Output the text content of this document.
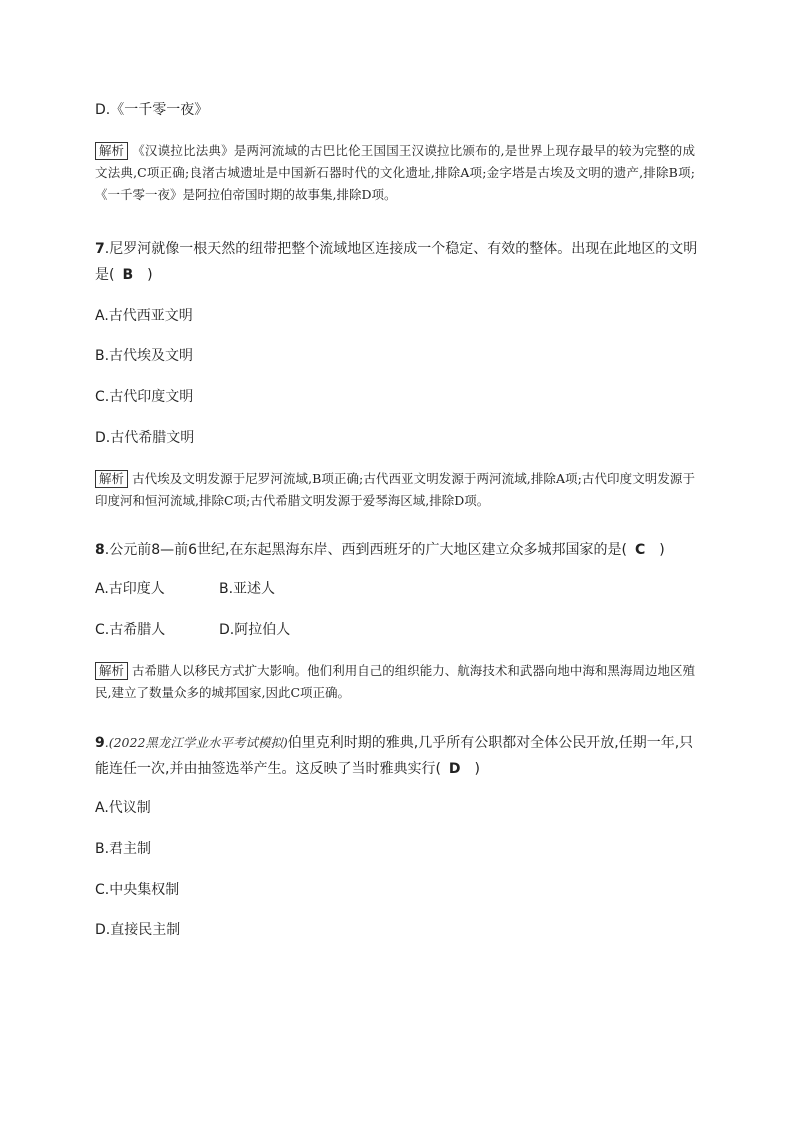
D.《一千零一夜》
解析 《汉谟拉比法典》是两河流域的古巴比伦王国国王汉谟拉比颁布的,是世界上现存最早的较为完整的成文法典,C项正确;良渚古城遗址是中国新石器时代的文化遗址,排除A项;金字塔是古埃及文明的遗产,排除B项;《一千零一夜》是阿拉伯帝国时期的故事集,排除D项。
7.尼罗河就像一根天然的纽带把整个流域地区连接成一个稳定、有效的整体。出现在此地区的文明是( B )
A.古代西亚文明
B.古代埃及文明
C.古代印度文明
D.古代希腊文明
解析 古代埃及文明发源于尼罗河流域,B项正确;古代西亚文明发源于两河流域,排除A项;古代印度文明发源于印度河和恒河流域,排除C项;古代希腊文明发源于爱琴海区域,排除D项。
8.公元前8—前6世纪,在东起黑海东岸、西到西班牙的广大地区建立众多城邦国家的是( C )
A.古印度人	B.亚述人
C.古希腊人	D.阿拉伯人
解析 古希腊人以移民方式扩大影响。他们利用自己的组织能力、航海技术和武器向地中海和黑海周边地区殖民,建立了数量众多的城邦国家,因此C项正确。
9.(2022黑龙江学业水平考试模拟)伯里克利时期的雅典,几乎所有公职都对全体公民开放,任期一年,只能连任一次,并由抽签选举产生。这反映了当时雅典实行( D )
A.代议制
B.君主制
C.中央集权制
D.直接民主制
